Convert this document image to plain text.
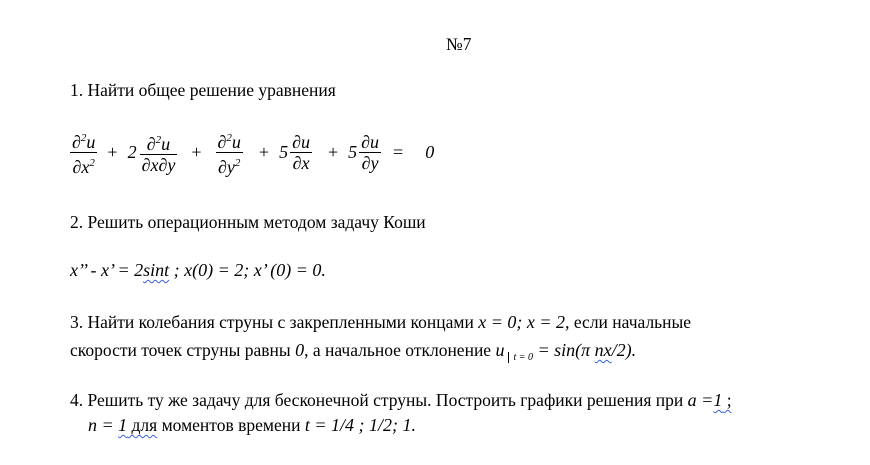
№7
1. Найти общее решение уравнения
$\frac{\partial^2u}{\partial x^2} + 2 \frac{\partial^2u}{\partial x\partial y} + \frac{\partial^2u}{\partial y^2} + 5 \frac{\partial u}{\partial x} + 5 \frac{\partial u}{\partial y} = 0$
2. Решить операционным методом задачу Коши
x’’ - x’ = 2sint ; x(0) = 2; x’ (0) = 0.
3. Найти колебания струны с закрепленными концами x = 0; x = 2, если начальные
скорости точек струны равны 0, а начальное отклонение u $_{t = 0}$ = sin(π nx/2).
4. Решить ту же задачу для бесконечной струны. Построить графики решения при a =1 ;
n = 1 для моментов времени t = 1/4 ; 1/2; 1.
